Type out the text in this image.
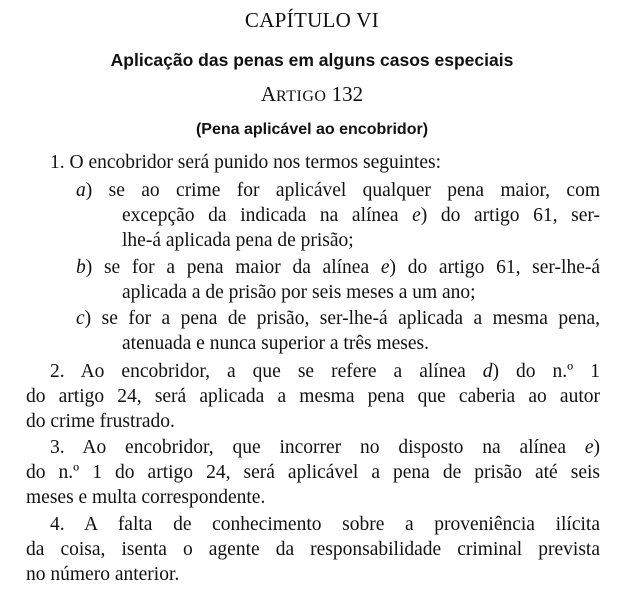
CAPÍTULO VI
Aplicação das penas em alguns casos especiais
ARTIGO 132
(Pena aplicável ao encobridor)
1. O encobridor será punido nos termos seguintes:
a) se ao crime for aplicável qualquer pena maior, com
excepção da indicada na alínea e) do artigo 61, ser-
lhe-á aplicada pena de prisão;
b) se for a pena maior da alínea e) do artigo 61, ser-lhe-á
aplicada a de prisão por seis meses a um ano;
c) se for a pena de prisão, ser-lhe-á aplicada a mesma pena,
atenuada e nunca superior a três meses.
2. Ao encobridor, a que se refere a alínea d) do n.º 1
do artigo 24, será aplicada a mesma pena que caberia ao autor
do crime frustrado.
3. Ao encobridor, que incorrer no disposto na alínea e)
do n.º 1 do artigo 24, será aplicável a pena de prisão até seis
meses e multa correspondente.
4. A falta de conhecimento sobre a proveniência ilícita
da coisa, isenta o agente da responsabilidade criminal prevista
no número anterior.
